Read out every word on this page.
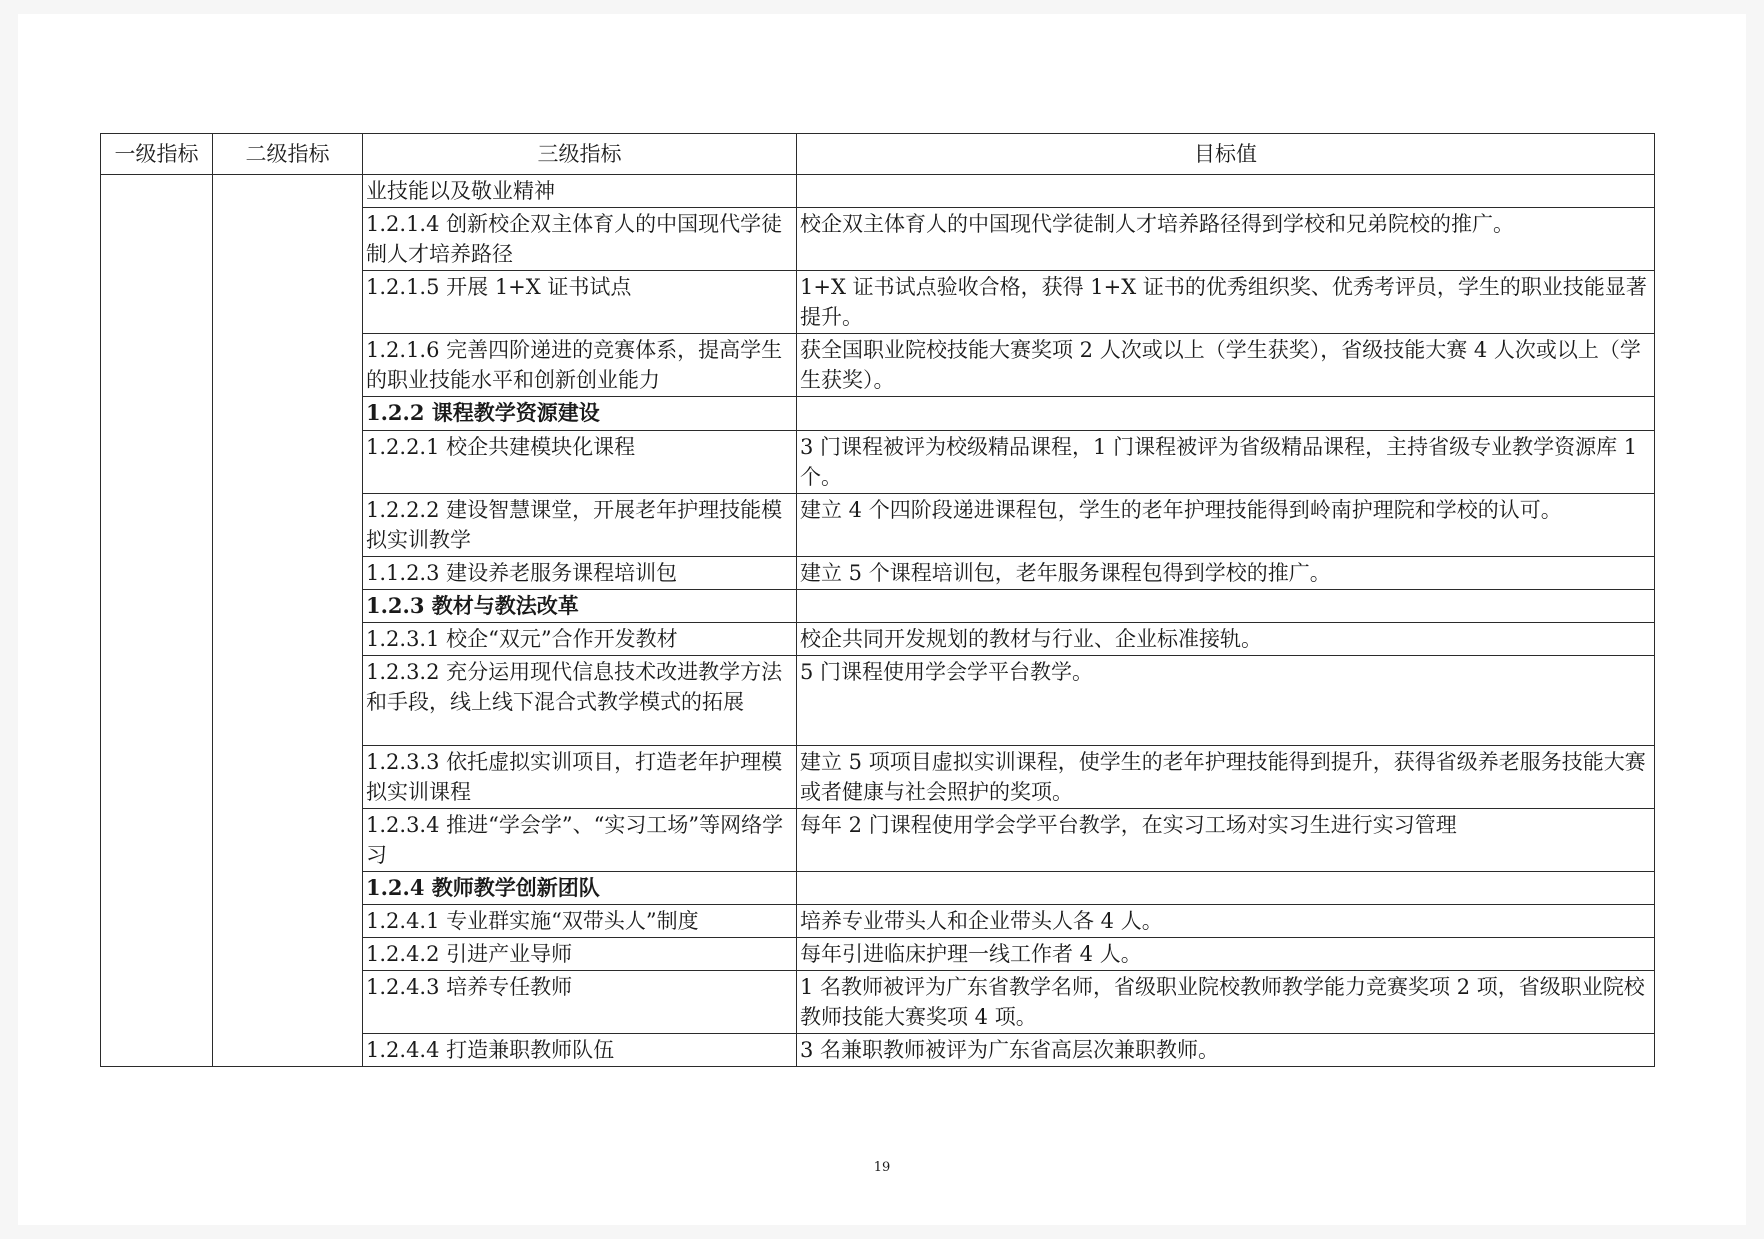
一级指标	二级指标	三级指标	目标值
		业技能以及敬业精神	
		1.2.1.4 创新校企双主体育人的中国现代学徒制人才培养路径	校企双主体育人的中国现代学徒制人才培养路径得到学校和兄弟院校的推广。
		1.2.1.5 开展 1+X 证书试点	1+X 证书试点验收合格，获得 1+X 证书的优秀组织奖、优秀考评员，学生的职业技能显著提升。
		1.2.1.6 完善四阶递进的竞赛体系，提高学生的职业技能水平和创新创业能力	获全国职业院校技能大赛奖项 2 人次或以上（学生获奖），省级技能大赛 4 人次或以上（学生获奖）。
		1.2.2 课程教学资源建设	
		1.2.2.1 校企共建模块化课程	3 门课程被评为校级精品课程，1 门课程被评为省级精品课程，主持省级专业教学资源库 1 个。
		1.2.2.2 建设智慧课堂，开展老年护理技能模拟实训教学	建立 4 个四阶段递进课程包，学生的老年护理技能得到岭南护理院和学校的认可。
		1.1.2.3 建设养老服务课程培训包	建立 5 个课程培训包，老年服务课程包得到学校的推广。
		1.2.3 教材与教法改革	
		1.2.3.1 校企“双元”合作开发教材	校企共同开发规划的教材与行业、企业标准接轨。
		1.2.3.2 充分运用现代信息技术改进教学方法和手段，线上线下混合式教学模式的拓展	5 门课程使用学会学平台教学。
		1.2.3.3 依托虚拟实训项目，打造老年护理模拟实训课程	建立 5 项项目虚拟实训课程，使学生的老年护理技能得到提升，获得省级养老服务技能大赛或者健康与社会照护的奖项。
		1.2.3.4 推进“学会学”、“实习工场”等网络学习	每年 2 门课程使用学会学平台教学，在实习工场对实习生进行实习管理
		1.2.4 教师教学创新团队	
		1.2.4.1 专业群实施“双带头人”制度	培养专业带头人和企业带头人各 4 人。
		1.2.4.2 引进产业导师	每年引进临床护理一线工作者 4 人。
		1.2.4.3 培养专任教师	1 名教师被评为广东省教学名师，省级职业院校教师教学能力竞赛奖项 2 项，省级职业院校教师技能大赛奖项 4 项。
		1.2.4.4 打造兼职教师队伍	3 名兼职教师被评为广东省高层次兼职教师。
19
